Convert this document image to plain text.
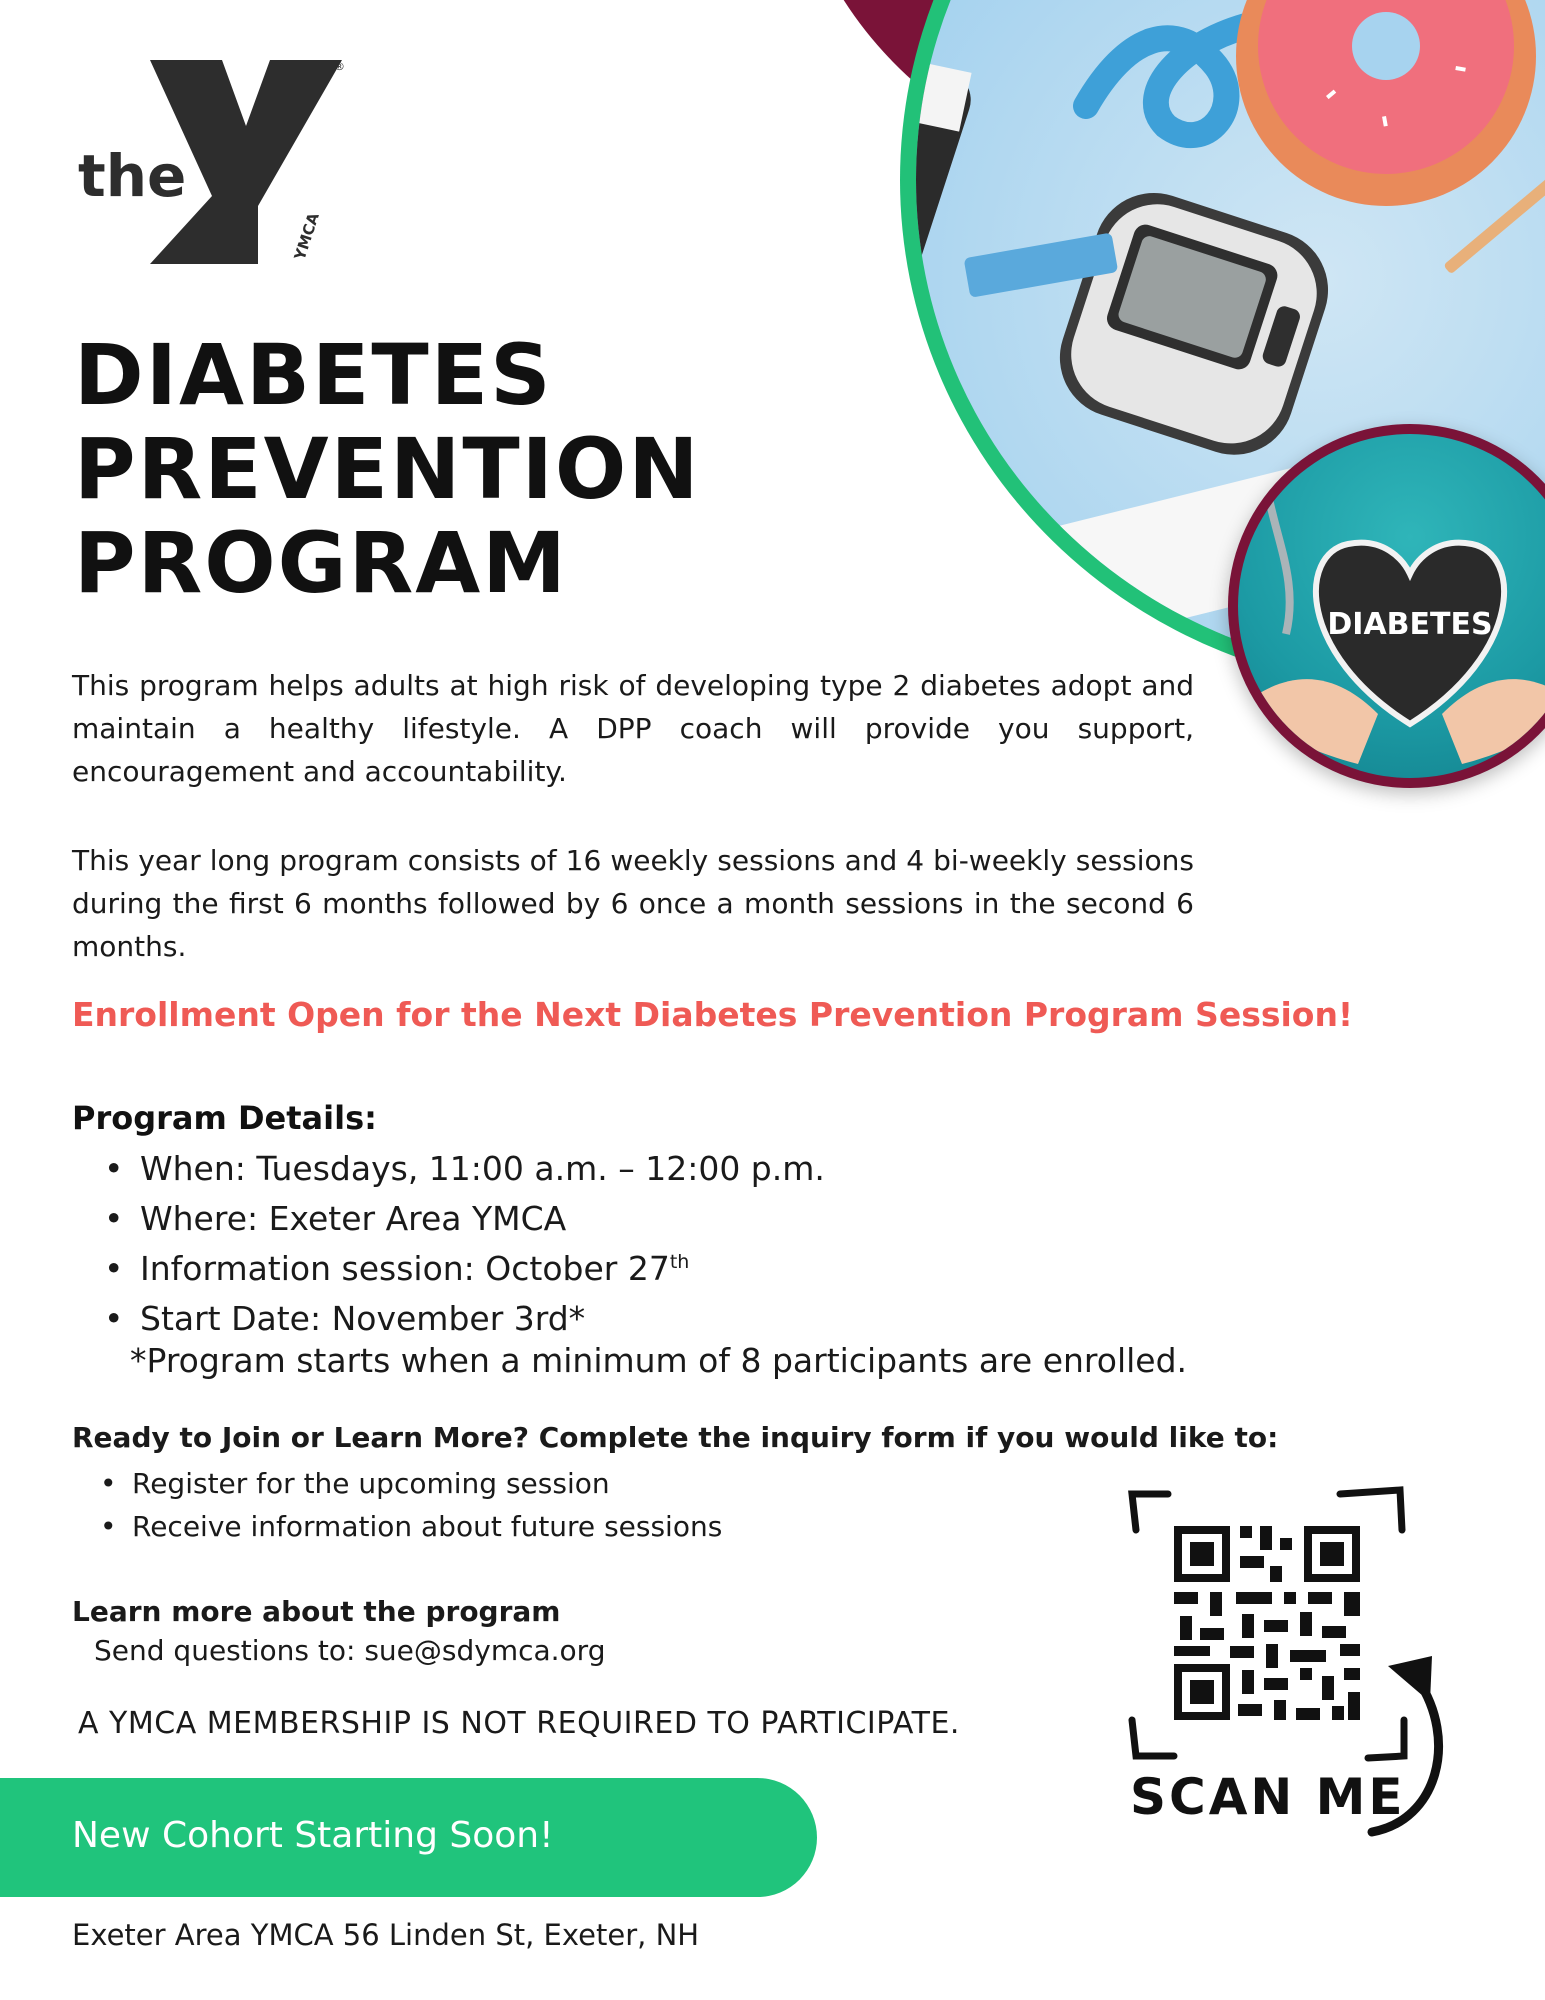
DIABETES
the
YMCA
®
DIABETES
PREVENTION
PROGRAM

This program helps adults at high risk of developing type 2 diabetes adopt and maintain a healthy lifestyle. A DPP coach will provide you support, encouragement and accountability.

This year long program consists of 16 weekly sessions and 4 bi-weekly sessions during the first 6 months followed by 6 once a month sessions in the second 6 months.

Enrollment Open for the Next Diabetes Prevention Program Session!

Program Details:

• When: Tuesdays, 11:00 a.m. – 12:00 p.m.
• Where: Exeter Area YMCA
• Information session: October 27th
• Start Date: November 3rd*

*Program starts when a minimum of 8 participants are enrolled.

Ready to Join or Learn More? Complete the inquiry form if you would like to:

• Register for the upcoming session
• Receive information about future sessions

Learn more about the program

Send questions to: sue@sdymca.org

A YMCA MEMBERSHIP IS NOT REQUIRED TO PARTICIPATE.

New Cohort Starting Soon!

Exeter Area YMCA 56 Linden St, Exeter, NH

SCAN ME
